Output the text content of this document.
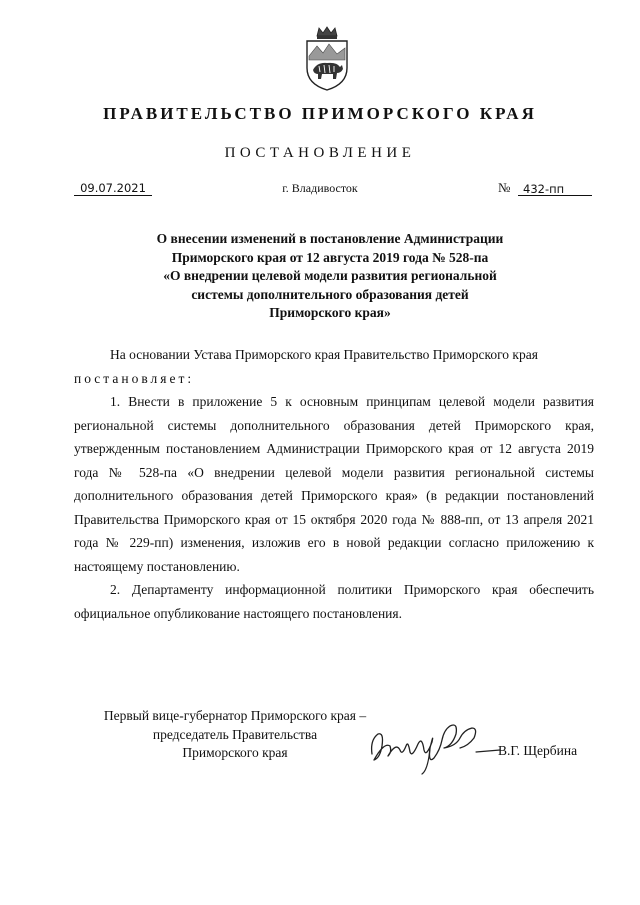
ПРАВИТЕЛЬСТВО ПРИМОРСКОГО КРАЯ
ПОСТАНОВЛЕНИЕ
09.07.2021	г. Владивосток	№ 432-пп
О внесении изменений в постановление Администрации
Приморского края от 12 августа 2019 года № 528-па
«О внедрении целевой модели развития региональной
системы дополнительного образования детей
Приморского края»

На основании Устава Приморского края Правительство Приморского края

постановляет:

1. Внести в приложение 5 к основным принципам целевой модели развития региональной системы дополнительного образования детей Приморского края, утвержденным постановлением Администрации Приморского края от 12 августа 2019 года № 528-па «О внедрении целевой модели развития региональной системы дополнительного образования детей Приморского края» (в редакции постановлений Правительства Приморского края от 15 октября 2020 года № 888-пп, от 13 апреля 2021 года № 229-пп) изменения, изложив его в новой редакции согласно приложению к настоящему постановлению.

2. Департаменту информационной политики Приморского края обеспечить официальное опубликование настоящего постановления.

Первый вице-губернатор Приморского края –
председатель Правительства
Приморского края	В.Г. Щербина
